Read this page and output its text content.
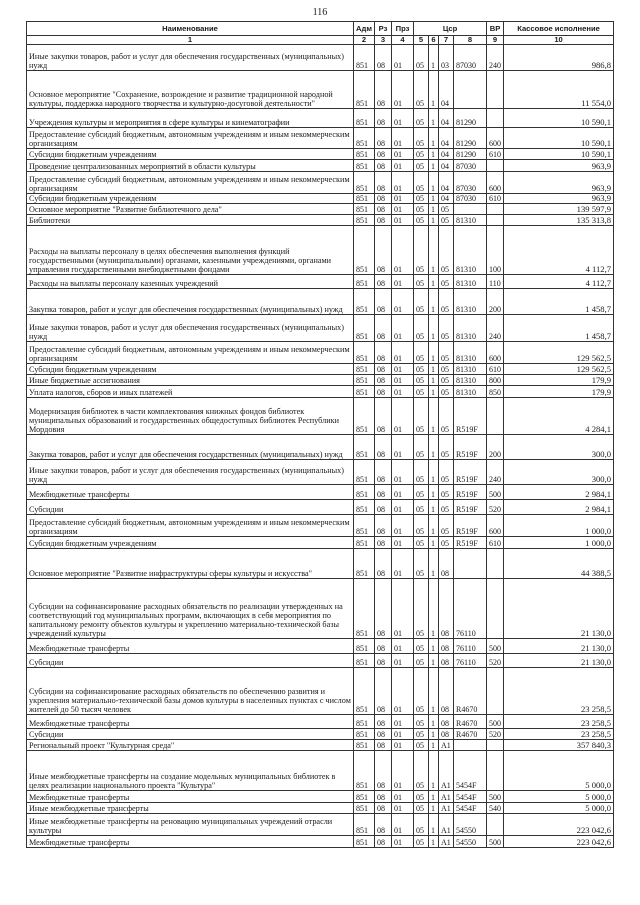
116
Наименование	Адм	Рз	Прз	Цср				ВР	Кассовое исполнение
1	2	3	4	5	6	7	8	9	10
Иные закупки товаров, работ и услуг для обеспечения государственных (муниципальных) нужд	851	08	01	05	1	03	87030	240	986,8
Основное мероприятие "Сохранение, возрождение и развитие традиционной народной культуры, поддержка народного творчества и культурно-досуговой деятельности"	851	08	01	05	1	04			11 554,0
Учреждения культуры и мероприятия в сфере культуры и кинематографии	851	08	01	05	1	04	81290		10 590,1
Предоставление субсидий бюджетным, автономным учреждениям и иным некоммерческим организациям	851	08	01	05	1	04	81290	600	10 590,1
Субсидии бюджетным учреждениям	851	08	01	05	1	04	81290	610	10 590,1
Проведение централизованных мероприятий в области культуры	851	08	01	05	1	04	87030		963,9
Предоставление субсидий бюджетным, автономным учреждениям и иным некоммерческим организациям	851	08	01	05	1	04	87030	600	963,9
Субсидии бюджетным учреждениям	851	08	01	05	1	04	87030	610	963,9
Основное мероприятие "Развитие библиотечного дела"	851	08	01	05	1	05			139 597,9
Библиотеки	851	08	01	05	1	05	81310		135 313,8
Расходы на выплаты персоналу в целях обеспечения выполнения функций государственными (муниципальными) органами, казенными учреждениями, органами управления государственными внебюджетными фондами	851	08	01	05	1	05	81310	100	4 112,7
Расходы на выплаты персоналу казенных учреждений	851	08	01	05	1	05	81310	110	4 112,7
Закупка товаров, работ и услуг для обеспечения государственных (муниципальных) нужд	851	08	01	05	1	05	81310	200	1 458,7
Иные закупки товаров, работ и услуг для обеспечения государственных (муниципальных) нужд	851	08	01	05	1	05	81310	240	1 458,7
Предоставление субсидий бюджетным, автономным учреждениям и иным некоммерческим организациям	851	08	01	05	1	05	81310	600	129 562,5
Субсидии бюджетным учреждениям	851	08	01	05	1	05	81310	610	129 562,5
Иные бюджетные ассигнования	851	08	01	05	1	05	81310	800	179,9
Уплата налогов, сборов и иных платежей	851	08	01	05	1	05	81310	850	179,9
Модернизация библиотек в части комплектования книжных фондов библиотек муниципальных образований и государственных общедоступных библиотек Республики Мордовия	851	08	01	05	1	05	R519F		4 284,1
Закупка товаров, работ и услуг для обеспечения государственных (муниципальных) нужд	851	08	01	05	1	05	R519F	200	300,0
Иные закупки товаров, работ и услуг для обеспечения государственных (муниципальных) нужд	851	08	01	05	1	05	R519F	240	300,0
Межбюджетные трансферты	851	08	01	05	1	05	R519F	500	2 984,1
Субсидии	851	08	01	05	1	05	R519F	520	2 984,1
Предоставление субсидий бюджетным, автономным учреждениям и иным некоммерческим организациям	851	08	01	05	1	05	R519F	600	1 000,0
Субсидии бюджетным учреждениям	851	08	01	05	1	05	R519F	610	1 000,0
Основное мероприятие "Развитие инфраструктуры сферы культуры и искусства"	851	08	01	05	1	08			44 388,5
Субсидии на софинансирование расходных обязательств по реализации утвержденных на соответствующий год муниципальных программ, включающих в себя мероприятия по капитальному ремонту объектов культуры и укреплению материально-технической базы учреждений культуры	851	08	01	05	1	08	76110		21 130,0
Межбюджетные трансферты	851	08	01	05	1	08	76110	500	21 130,0
Субсидии	851	08	01	05	1	08	76110	520	21 130,0
Субсидии на софинансирование расходных обязательств по обеспечению развития и укрепления материально-технической базы домов культуры в населенных пунктах с числом жителей до 50 тысяч человек	851	08	01	05	1	08	R4670		23 258,5
Межбюджетные трансферты	851	08	01	05	1	08	R4670	500	23 258,5
Субсидии	851	08	01	05	1	08	R4670	520	23 258,5
Региональный проект "Культурная среда"	851	08	01	05	1	A1			357 840,3
Иные межбюджетные трансферты на создание модельных муниципальных библиотек в целях реализации национального проекта "Культура"	851	08	01	05	1	A1	5454F		5 000,0
Межбюджетные трансферты	851	08	01	05	1	A1	5454F	500	5 000,0
Иные межбюджетные трансферты	851	08	01	05	1	A1	5454F	540	5 000,0
Иные межбюджетные трансферты на реновацию муниципальных учреждений отрасли культуры	851	08	01	05	1	A1	54550		223 042,6
Межбюджетные трансферты	851	08	01	05	1	A1	54550	500	223 042,6
